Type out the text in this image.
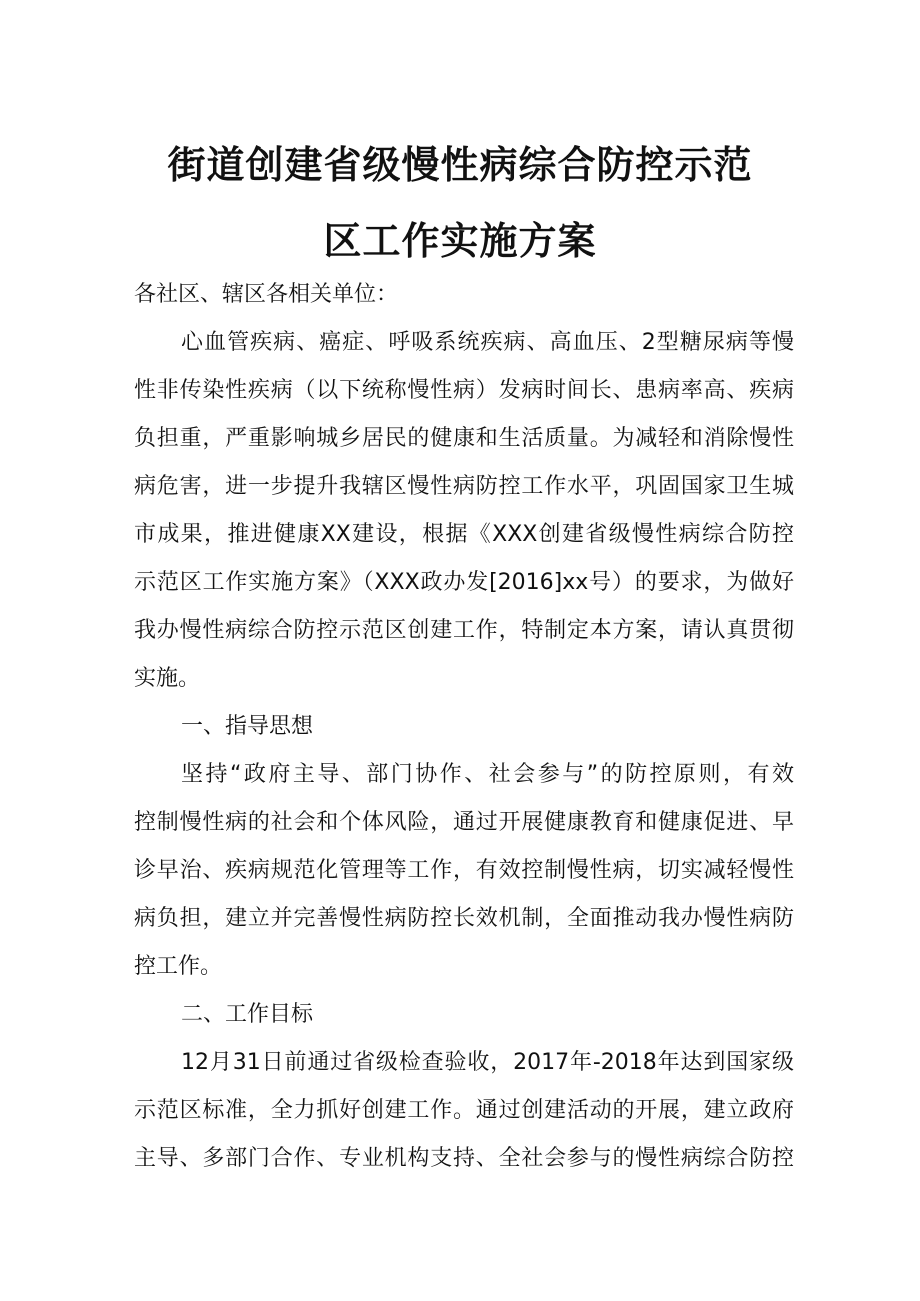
街道创建省级慢性病综合防控示范
区工作实施方案
各社区、辖区各相关单位：
心血管疾病、癌症、呼吸系统疾病、高血压、2型糖尿病等慢
性非传染性疾病（以下统称慢性病）发病时间长、患病率高、疾病
负担重，严重影响城乡居民的健康和生活质量。为减轻和消除慢性
病危害，进一步提升我辖区慢性病防控工作水平，巩固国家卫生城
市成果，推进健康XX建设，根据《XXX创建省级慢性病综合防控
示范区工作实施方案》（XXX政办发[2016]xx号）的要求，为做好
我办慢性病综合防控示范区创建工作，特制定本方案，请认真贯彻
实施。
一、指导思想
坚持“政府主导、部门协作、社会参与”的防控原则，有效
控制慢性病的社会和个体风险，通过开展健康教育和健康促进、早
诊早治、疾病规范化管理等工作，有效控制慢性病，切实减轻慢性
病负担，建立并完善慢性病防控长效机制，全面推动我办慢性病防
控工作。
二、工作目标
12月31日前通过省级检查验收，2017年-2018年达到国家级
示范区标准，全力抓好创建工作。通过创建活动的开展，建立政府
主导、多部门合作、专业机构支持、全社会参与的慢性病综合防控
